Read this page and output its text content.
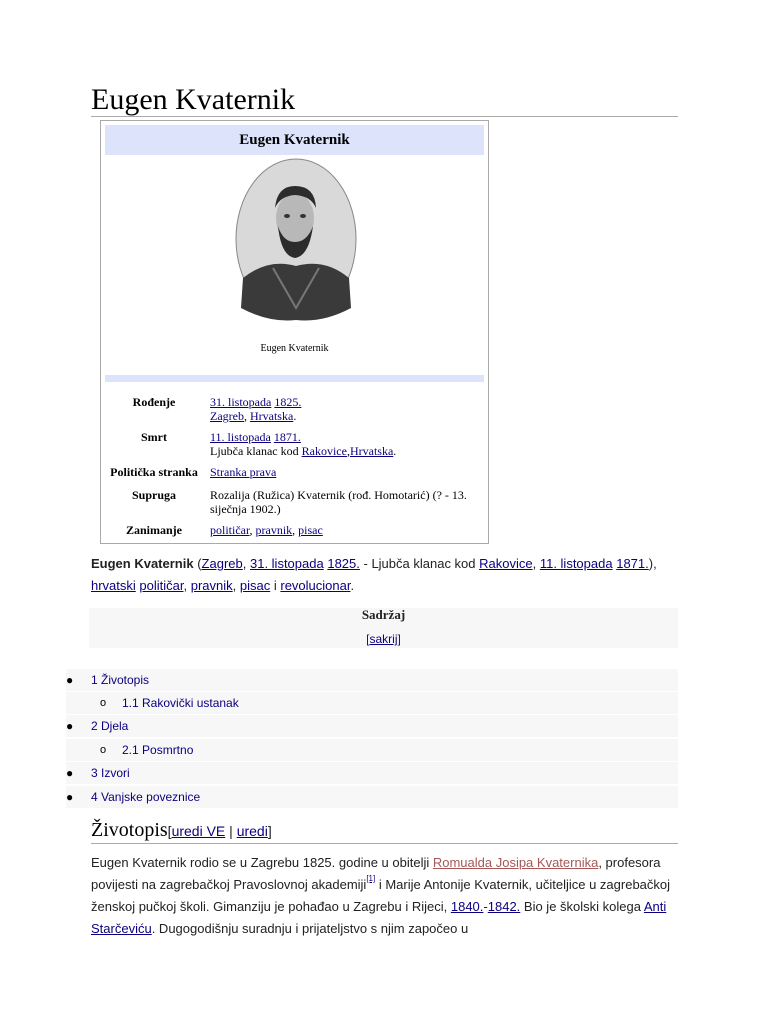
Eugen Kvaternik
Eugen Kvaternik
Eugen Kvaternik
Rođenje	31. listopada 1825.
Zagreb, Hrvatska.
Smrt	11. listopada 1871.
Ljubča klanac kod Rakovice,Hrvatska.
Politička stranka	Stranka prava
Supruga	Rozalija (Ružica) Kvaternik (rođ. Homotarić) (? - 13. siječnja 1902.)
Zanimanje	političar, pravnik, pisac

Eugen Kvaternik (Zagreb, 31. listopada 1825. - Ljubča klanac kod Rakovice, 11. listopada 1871.), hrvatski političar, pravnik, pisac i revolucionar.

Sadržaj
[sakrij]
● 1 Životopis
o 1.1 Rakovički ustanak
● 2 Djela
o 2.1 Posmrtno
● 3 Izvori
● 4 Vanjske poveznice
Životopis[uredi VE | uredi]

Eugen Kvaternik rodio se u Zagrebu 1825. godine u obitelji Romualda Josipa Kvaternika, profesora povijesti na zagrebačkoj Pravoslovnoj akademiji[1] i Marije Antonije Kvaternik, učiteljice u zagrebačkoj ženskoj pučkoj školi. Gimanziju je pohađao u Zagrebu i Rijeci, 1840.-1842. Bio je školski kolega Anti Starčeviću. Dugogodišnju suradnju i prijateljstvo s njim započeo u
